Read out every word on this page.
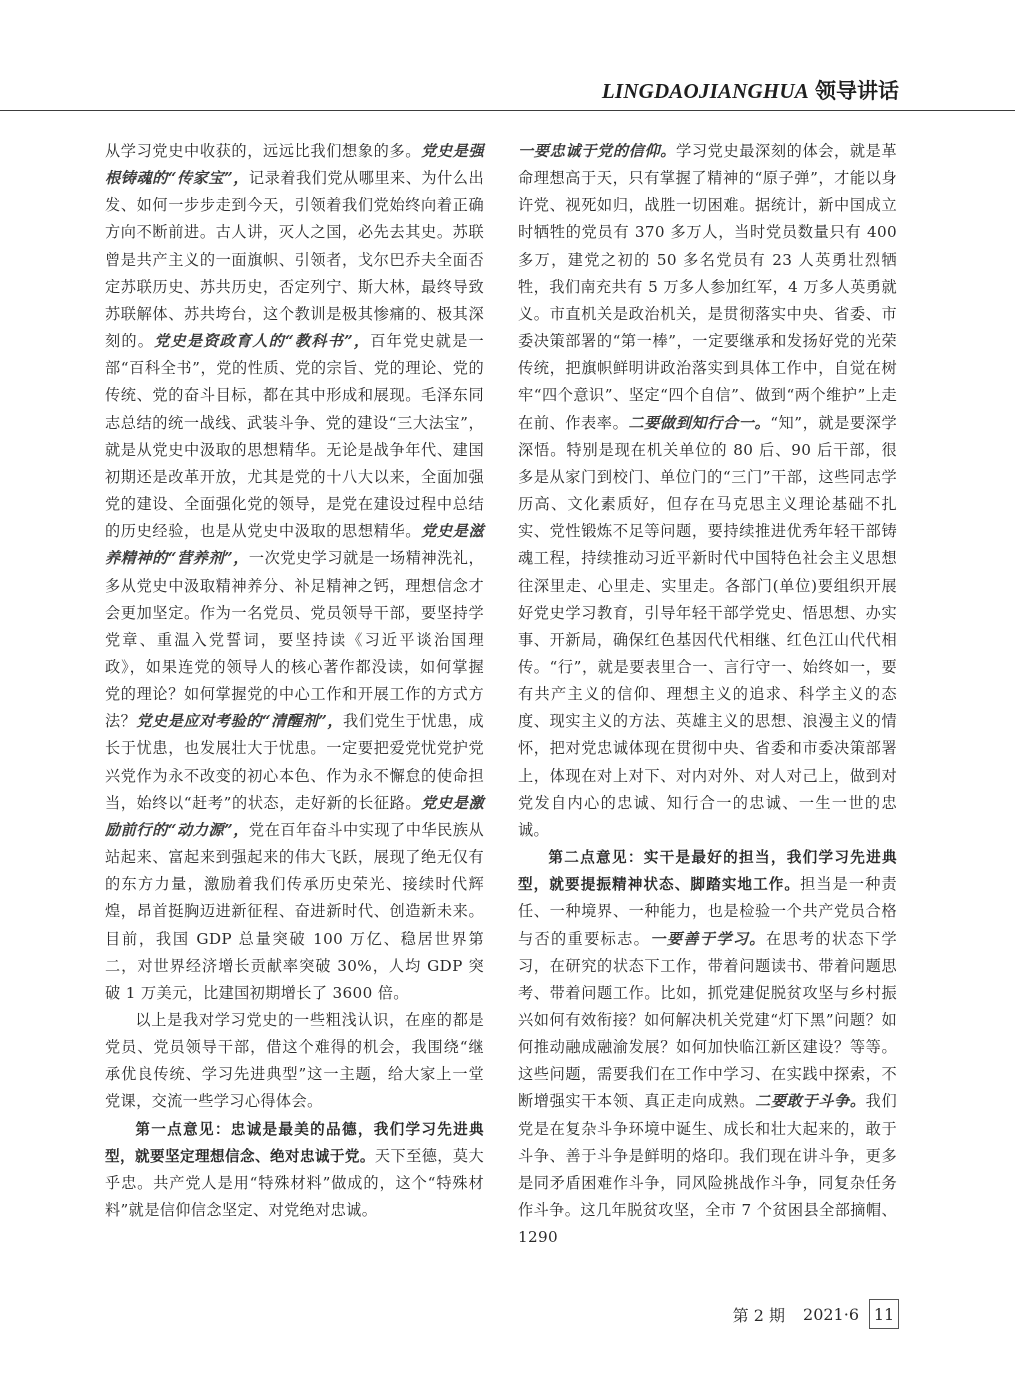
LINGDAOJIANGHUA 领导讲话

从学习党史中收获的，远远比我们想象的多。党史是强根铸魂的“传家宝”，记录着我们党从哪里来、为什么出发、如何一步步走到今天，引领着我们党始终向着正确方向不断前进。古人讲，灭人之国，必先去其史。苏联曾是共产主义的一面旗帜、引领者，戈尔巴乔夫全面否定苏联历史、苏共历史，否定列宁、斯大林，最终导致苏联解体、苏共垮台，这个教训是极其惨痛的、极其深刻的。党史是资政育人的“教科书”，百年党史就是一部“百科全书”，党的性质、党的宗旨、党的理论、党的传统、党的奋斗目标，都在其中形成和展现。毛泽东同志总结的统一战线、武装斗争、党的建设“三大法宝”，就是从党史中汲取的思想精华。无论是战争年代、建国初期还是改革开放，尤其是党的十八大以来，全面加强党的建设、全面强化党的领导，是党在建设过程中总结的历史经验，也是从党史中汲取的思想精华。党史是滋养精神的“营养剂”，一次党史学习就是一场精神洗礼，多从党史中汲取精神养分、补足精神之钙，理想信念才会更加坚定。作为一名党员、党员领导干部，要坚持学党章、重温入党誓词，要坚持读《习近平谈治国理政》，如果连党的领导人的核心著作都没读，如何掌握党的理论？如何掌握党的中心工作和开展工作的方式方法？党史是应对考验的“清醒剂”，我们党生于忧患，成长于忧患，也发展壮大于忧患。一定要把爱党忧党护党兴党作为永不改变的初心本色、作为永不懈怠的使命担当，始终以“赶考”的状态，走好新的长征路。党史是激励前行的“动力源”，党在百年奋斗中实现了中华民族从站起来、富起来到强起来的伟大飞跃，展现了绝无仅有的东方力量，激励着我们传承历史荣光、接续时代辉煌，昂首挺胸迈进新征程、奋进新时代、创造新未来。目前，我国 GDP 总量突破 100 万亿、稳居世界第二，对世界经济增长贡献率突破 30%，人均 GDP 突破 1 万美元，比建国初期增长了 3600 倍。

以上是我对学习党史的一些粗浅认识，在座的都是党员、党员领导干部，借这个难得的机会，我围绕“继承优良传统、学习先进典型”这一主题，给大家上一堂党课，交流一些学习心得体会。

第一点意见：忠诚是最美的品德，我们学习先进典型，就要坚定理想信念、绝对忠诚于党。天下至德，莫大乎忠。共产党人是用“特殊材料”做成的，这个“特殊材料”就是信仰信念坚定、对党绝对忠诚。

一要忠诚于党的信仰。学习党史最深刻的体会，就是革命理想高于天，只有掌握了精神的“原子弹”，才能以身许党、视死如归，战胜一切困难。据统计，新中国成立时牺牲的党员有 370 多万人，当时党员数量只有 400 多万，建党之初的 50 多名党员有 23 人英勇壮烈牺牲，我们南充共有 5 万多人参加红军，4 万多人英勇就义。市直机关是政治机关，是贯彻落实中央、省委、市委决策部署的“第一棒”，一定要继承和发扬好党的光荣传统，把旗帜鲜明讲政治落实到具体工作中，自觉在树牢“四个意识”、坚定“四个自信”、做到“两个维护”上走在前、作表率。二要做到知行合一。“知”，就是要深学深悟。特别是现在机关单位的 80 后、90 后干部，很多是从家门到校门、单位门的“三门”干部，这些同志学历高、文化素质好，但存在马克思主义理论基础不扎实、党性锻炼不足等问题，要持续推进优秀年轻干部铸魂工程，持续推动习近平新时代中国特色社会主义思想往深里走、心里走、实里走。各部门(单位)要组织开展好党史学习教育，引导年轻干部学党史、悟思想、办实事、开新局，确保红色基因代代相继、红色江山代代相传。“行”，就是要表里合一、言行守一、始终如一，要有共产主义的信仰、理想主义的追求、科学主义的态度、现实主义的方法、英雄主义的思想、浪漫主义的情怀，把对党忠诚体现在贯彻中央、省委和市委决策部署上，体现在对上对下、对内对外、对人对己上，做到对党发自内心的忠诚、知行合一的忠诚、一生一世的忠诚。

第二点意见：实干是最好的担当，我们学习先进典型，就要提振精神状态、脚踏实地工作。担当是一种责任、一种境界、一种能力，也是检验一个共产党员合格与否的重要标志。一要善于学习。在思考的状态下学习，在研究的状态下工作，带着问题读书、带着问题思考、带着问题工作。比如，抓党建促脱贫攻坚与乡村振兴如何有效衔接？如何解决机关党建“灯下黑”问题？如何推动融成融渝发展？如何加快临江新区建设？等等。这些问题，需要我们在工作中学习、在实践中探索，不断增强实干本领、真正走向成熟。二要敢于斗争。我们党是在复杂斗争环境中诞生、成长和壮大起来的，敢于斗争、善于斗争是鲜明的烙印。我们现在讲斗争，更多是同矛盾困难作斗争，同风险挑战作斗争，同复杂任务作斗争。这几年脱贫攻坚，全市 7 个贫困县全部摘帽、1290

第 2 期 2021·6 11
